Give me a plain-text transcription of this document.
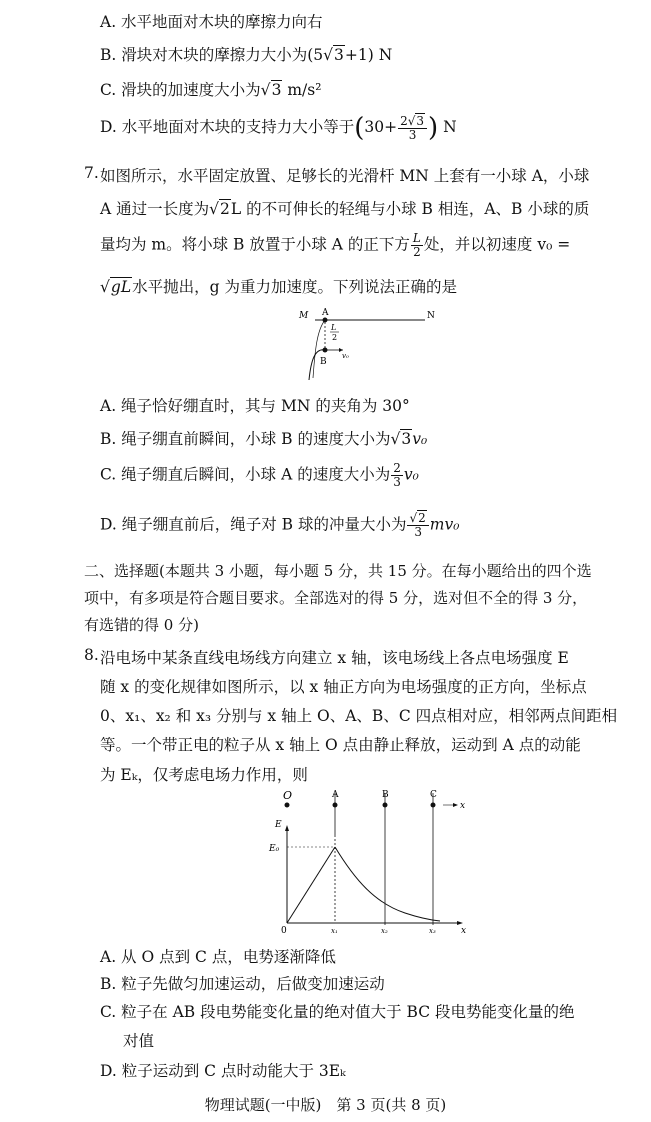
A. 水平地面对木块的摩擦力向右
B. 滑块对木块的摩擦力大小为(5√3+1) N
C. 滑块的加速度大小为√3 m/s²
D. 水平地面对木块的支持力大小等于($30+ \frac{2√3}{3}$ ) N
7. 如图所示，水平固定放置、足够长的光滑杆 MN 上套有一小球 A，小球
A 通过一长度为√2L 的不可伸长的轻绳与小球 B 相连，A、B 小球的质
量均为 m。将小球 B 放置于小球 A 的正下方 $\frac{L}{2}$ 处，并以初速度 v₀ =
√gL水平抛出，g 为重力加速度。下列说法正确的是
M A	N
L
2
B
v₀
A. 绳子恰好绷直时，其与 MN 的夹角为 30°
B. 绳子绷直前瞬间，小球 B 的速度大小为√3v₀
C. 绳子绷直后瞬间，小球 A 的速度大小为 $\frac{2}{3} v_0$
D. 绳子绷直前后，绳子对 B 球的冲量大小为 $\frac{√2}{3} mv_0$
二、选择题(本题共 3 小题，每小题 5 分，共 15 分。在每小题给出的四个选
项中，有多项是符合题目要求。全部选对的得 5 分，选对但不全的得 3 分，
有选错的得 0 分)
8. 沿电场中某条直线电场线方向建立 x 轴，该电场线上各点电场强度 E
随 x 的变化规律如图所示，以 x 轴正方向为电场强度的正方向，坐标点
0、x₁、x₂ 和 x₃ 分别与 x 轴上 O、A、B、C 四点相对应，相邻两点间距相
等。一个带正电的粒子从 x 轴上 O 点由静止释放，运动到 A 点的动能
为 Eₖ，仅考虑电场力作用，则
O	A	B	C
x
x
E
E₀
0	x₁	x₂	x₃
A. 从 O 点到 C 点，电势逐渐降低
B. 粒子先做匀加速运动，后做变加速运动
C. 粒子在 AB 段电势能变化量的绝对值大于 BC 段电势能变化量的绝
对值
D. 粒子运动到 C 点时动能大于 3Eₖ
物理试题(一中版)　第 3 页(共 8 页)
